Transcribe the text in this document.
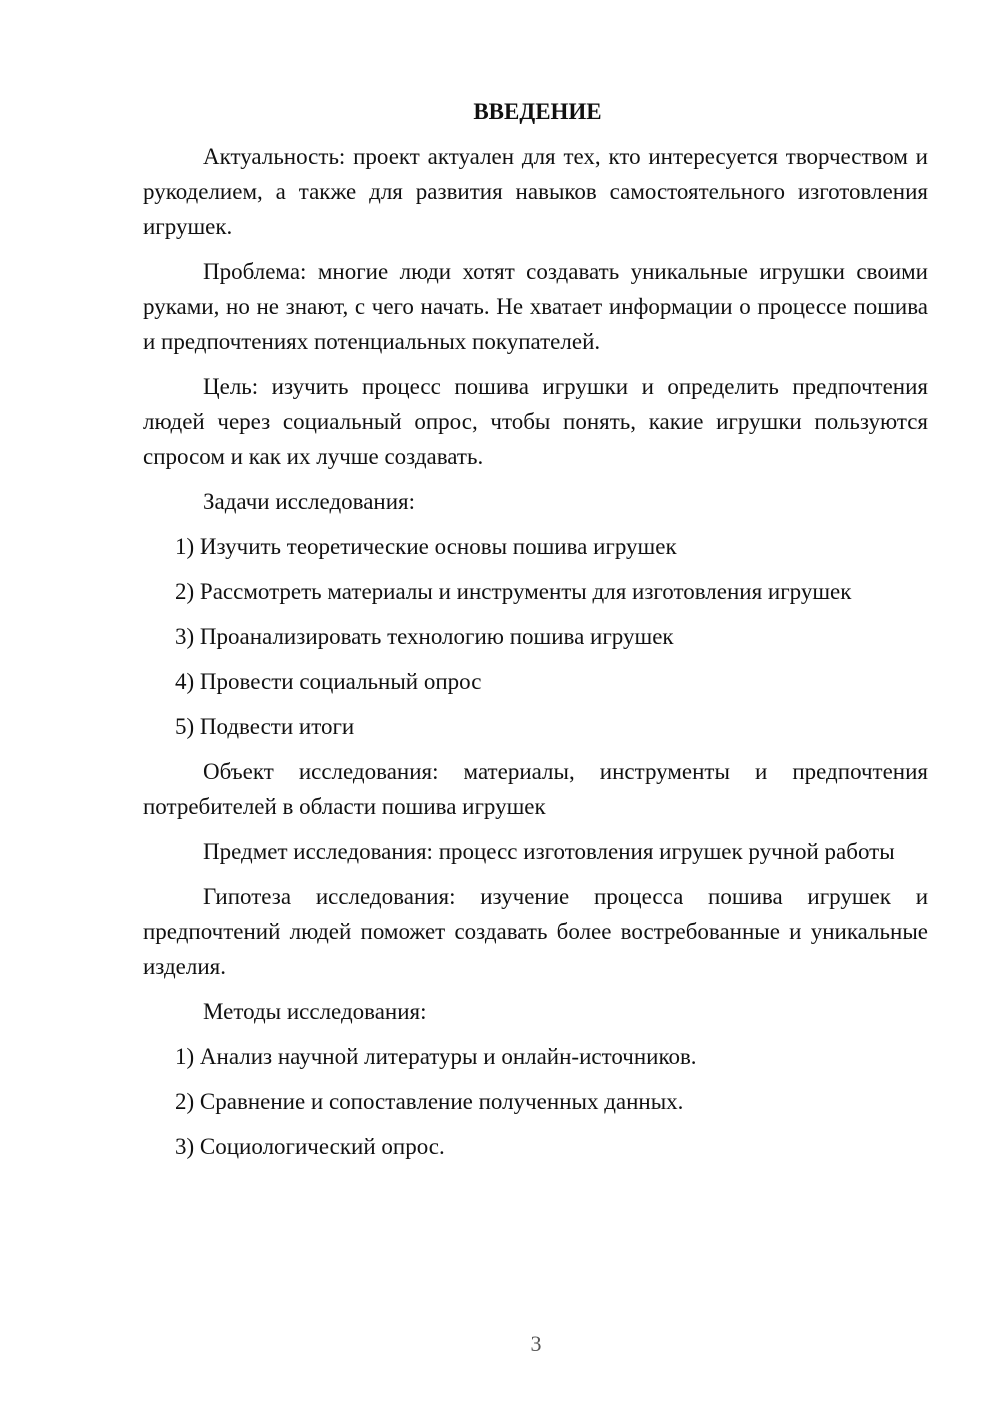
ВВЕДЕНИЕ

Актуальность: проект актуален для тех, кто интересуется творчеством и рукоделием, а также для развития навыков самостоятельного изготовления игрушек.

Проблема: многие люди хотят создавать уникальные игрушки своими руками, но не знают, с чего начать. Не хватает информации о процессе пошива и предпочтениях потенциальных покупателей.

Цель: изучить процесс пошива игрушки и определить предпочтения людей через социальный опрос, чтобы понять, какие игрушки пользуются спросом и как их лучше создавать.

Задачи исследования:

1) Изучить теоретические основы пошива игрушек

2) Рассмотреть материалы и инструменты для изготовления игрушек

3) Проанализировать технологию пошива игрушек

4) Провести социальный опрос

5) Подвести итоги

Объект исследования: материалы, инструменты и предпочтения потребителей в области пошива игрушек

Предмет исследования: процесс изготовления игрушек ручной работы

Гипотеза исследования: изучение процесса пошива игрушек и предпочтений людей поможет создавать более востребованные и уникальные изделия.

Методы исследования:

1) Анализ научной литературы и онлайн-источников.

2) Сравнение и сопоставление полученных данных.

3) Социологический опрос.

3
